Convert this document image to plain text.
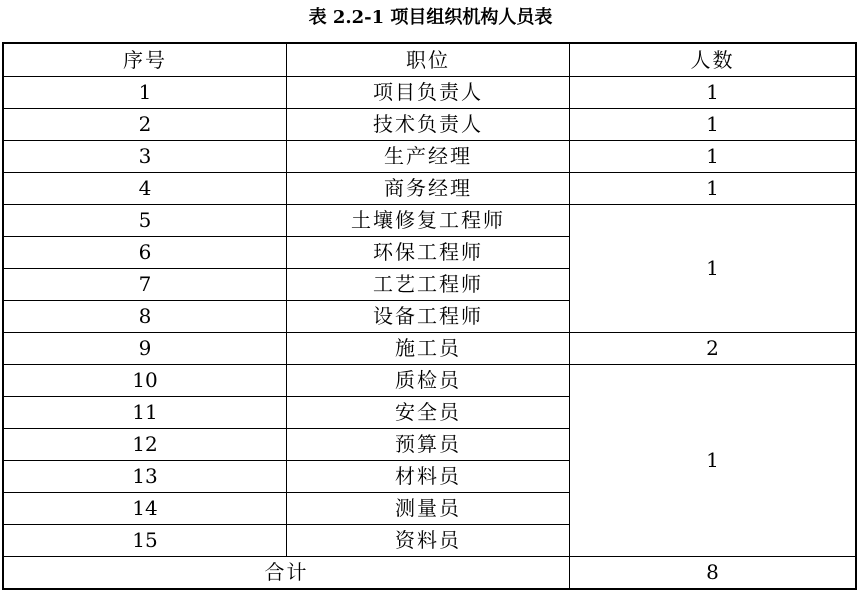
表 2.2-1 项目组织机构人员表
序号	职位	人数
1	项目负责人	1
2	技术负责人	1
3	生产经理	1
4	商务经理	1
5	土壤修复工程师	1
6	环保工程师	
7	工艺工程师	
8	设备工程师	
9	施工员	2
10	质检员	1
11	安全员	
12	预算员	
13	材料员	
14	测量员	
15	资料员	
合计		8
